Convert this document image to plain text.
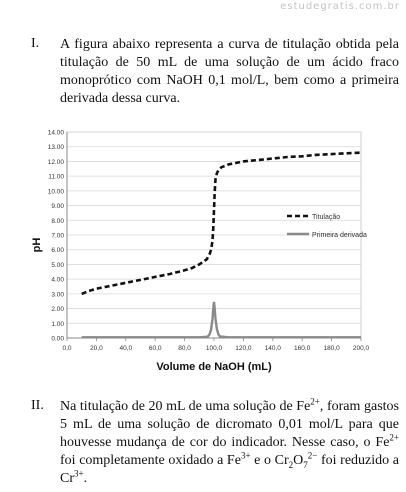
estudegratis.com.br
I. A figura abaixo representa a curva de titulação obtida pela titulação de 50 mL de uma solução de um ácido fraco monoprótico com NaOH 0,1 mol/L, bem como a primeira derivada dessa curva.
0.00
1.00
2.00
3.00
4.00
5.00
6.00
7.00
8.00
9.00
10.00
11.00
12.00
13.00
14.00
0,0	20,0	40,0	60,0	80,0 100,0 120,0 140,0 160,0 180,0 200,0
Titulação
Primeira derivada
Volume de NaOH (mL)
pH
II. Na titulação de 20 mL de uma solução de $Fe^{2+}$, foram gastos 5 mL de uma solução de dicromato 0,01 mol/L para que houvesse mudança de cor do indicador. Nesse caso, o $Fe^{2+}$ foi completamente oxidado a $Fe^{3+}$ e o $Cr_2O_7^{2-}$ foi reduzido a $Cr^{3+}$.
